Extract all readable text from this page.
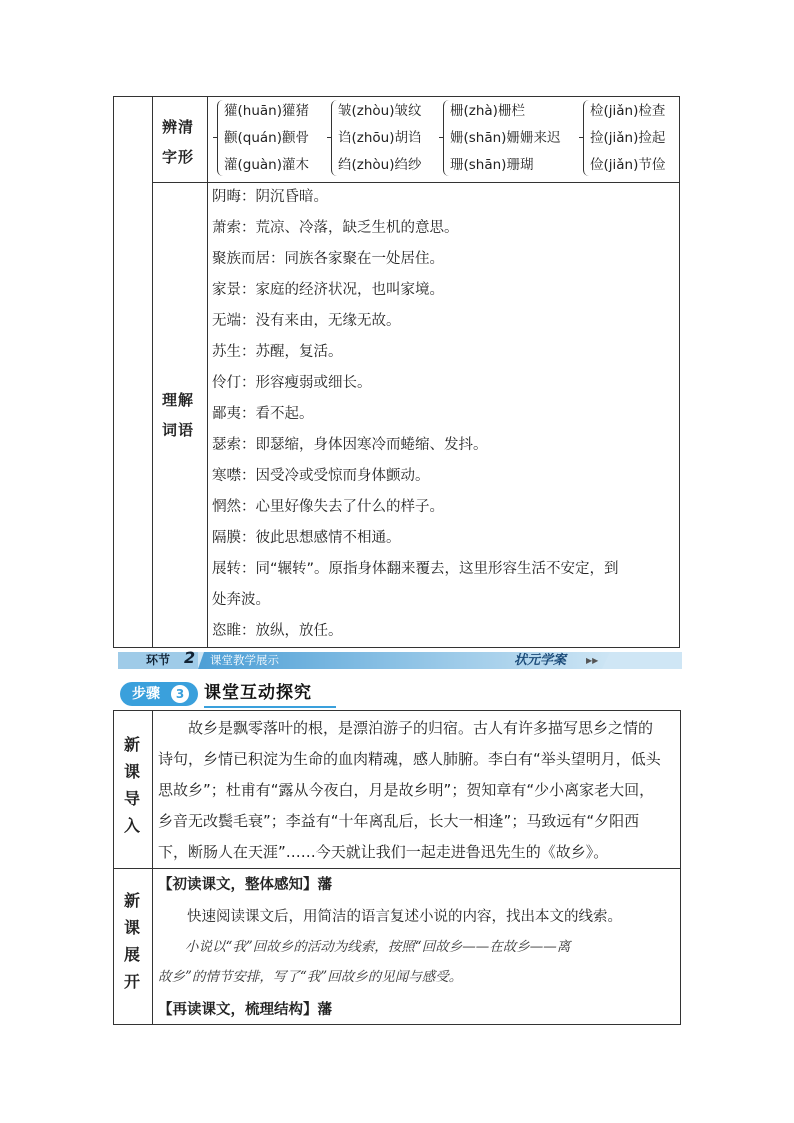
辨清
字形
獾(huān)獾猪
颧(quán)颧骨
灌(guàn)灌木
皱(zhòu)皱纹
诌(zhōu)胡诌
绉(zhòu)绉纱
栅(zhà)栅栏
姗(shān)姗姗来迟
珊(shān)珊瑚
检(jiǎn)检查
捡(jiǎn)捡起
俭(jiǎn)节俭
理解
词语
阴晦：阴沉昏暗。
萧索：荒凉、冷落，缺乏生机的意思。
聚族而居：同族各家聚在一处居住。
家景：家庭的经济状况，也叫家境。
无端：没有来由，无缘无故。
苏生：苏醒，复活。
伶仃：形容瘦弱或细长。
鄙夷：看不起。
瑟索：即瑟缩，身体因寒冷而蜷缩、发抖。
寒噤：因受冷或受惊而身体颤动。
惘然：心里好像失去了什么的样子。
隔膜：彼此思想感情不相通。
展转：同“辗转”。原指身体翻来覆去，这里形容生活不安定，到
处奔波。
恣睢：放纵，放任。
环节 2 课堂教学展示	状元学案 ▶▶
步骤	3 课堂互动探究
新
课
导
入
故乡是飘零落叶的根，是漂泊游子的归宿。古人有许多描写思乡之情的
诗句，乡情已积淀为生命的血肉精魂，感人肺腑。李白有“举头望明月，低头
思故乡”；杜甫有“露从今夜白，月是故乡明”；贺知章有“少小离家老大回，
乡音无改鬓毛衰”；李益有“十年离乱后，长大一相逢”；马致远有“夕阳西
下，断肠人在天涯”……今天就让我们一起走进鲁迅先生的《故乡》。
新
课
展
开
【初读课文，整体感知】藩
快速阅读课文后，用简洁的语言复述小说的内容，找出本文的线索。
小说以“我”回故乡的活动为线索，按照“回故乡——在故乡——离
故乡”的情节安排，写了“我”回故乡的见闻与感受。
【再读课文，梳理结构】藩
